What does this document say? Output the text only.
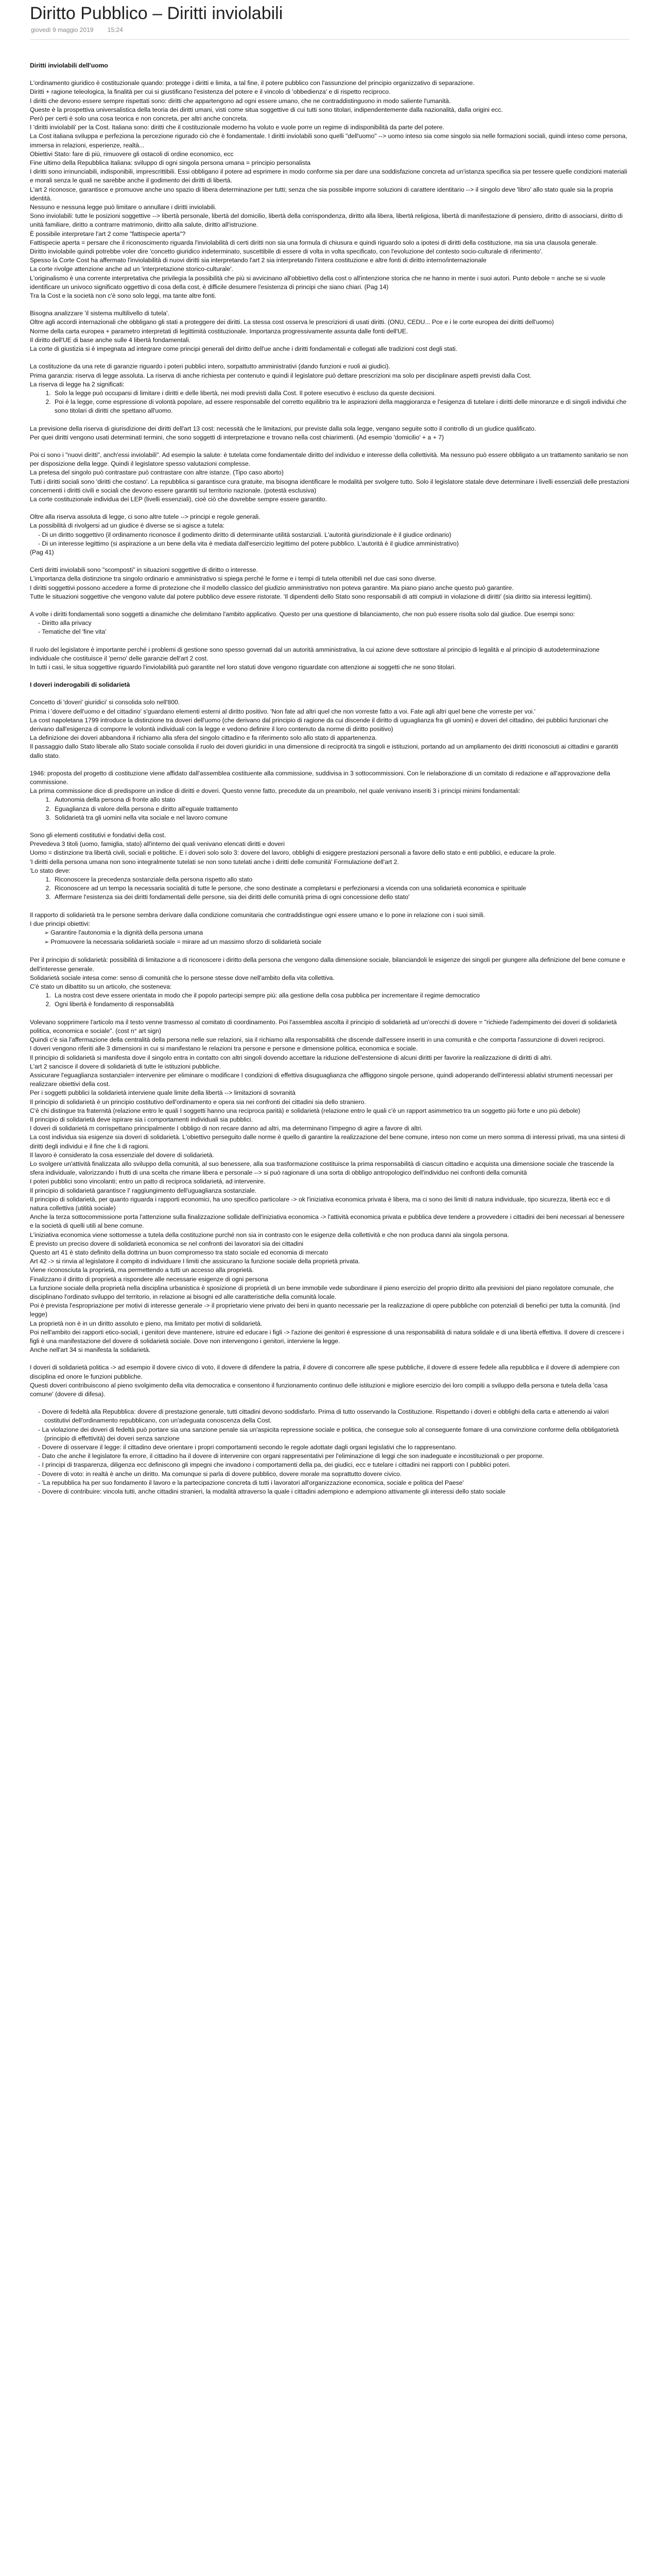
Diritto Pubblico – Diritti inviolabili
giovedì 9 maggio 2019 15:24
Diritti inviolabili dell'uomo

L'ordinamento giuridico è costituzionale quando: protegge i diritti e limita, a tal fine, il potere pubblico con l'assunzione del principio organizzativo di separazione.

Diritti + ragione teleologica, la finalità per cui si giustificano l'esistenza del potere e il vincolo di 'obbedienza' e di rispetto reciproco.

I diritti che devono essere sempre rispettati sono: diritti che appartengono ad ogni essere umano, che ne contraddistinguono in modo saliente l'umanità.

Queste è la prospettiva universalistica della teoria dei diritti umani, visti come situa soggettive di cui tutti sono titolari, indipendentemente dalla nazionalità, dalla origini ecc.

Però per certi è solo una cosa teorica e non concreta, per altri anche concreta.

I 'diritti inviolabili' per la Cost. Italiana sono: diritti che il costituzionale moderno ha voluto e vuole porre un regime di indisponibilità da parte del potere.

La Cost italiana sviluppa e perfeziona la percezione rigurado ciò che è fondamentale. I diritti inviolabili sono quelli "dell'uomo" --> uomo inteso sia come singolo sia nelle formazioni sociali, quindi inteso come persona, immersa in relazioni, esperienze, realtà...

Obiettivi Stato: fare di più, rimuovere gli ostacoli di ordine economico, ecc

Fine ultimo della Repubblica Italiana: sviluppo di ogni singola persona umana = principio personalista

I diritti sono irrinunciabili, indisponibili, imprescrittibili. Essi obbligano il potere ad esprimere in modo conforme sia per dare una soddisfazione concreta ad un'istanza specifica sia per tessere quelle condizioni materiali e morali senza le quali ne sarebbe anche il godimento dei diritti di libertà.

L'art 2 riconosce, garantisce e promuove anche uno spazio di libera determinazione per tutti; senza che sia possibile imporre soluzioni di carattere identitario --> il singolo deve 'libro' allo stato quale sia la propria identità.

Nessuno e nessuna legge può limitare o annullare i diritti inviolabili.

Sono inviolabili: tutte le posizioni soggettive --> libertà personale, libertà del domicilio, libertà della corrispondenza, diritto alla libera, libertà religiosa, libertà di manifestazione di pensiero, diritto di associarsi, diritto di unità familiare, diritto a contrarre matrimonio, diritto alla salute, diritto all'istruzione.

È possibile interpretare l'art 2 come "fattispecie aperta"?

Fattispecie aperta = persare che il riconoscimento riguarda l'inviolabilità di certi diritti non sia una formula di chiusura e quindi riguardo solo a ipotesi di diritti della costituzione, ma sia una clausola generale.

Diritto inviolabile quindi potrebbe voler dire 'concetto giuridico indeterminato, suscettibile di essere di volta in volta specificato, con l'evoluzione del contesto socio-culturale di riferimento'.

Spesso la Corte Cost ha affermato l'inviolabilità di nuovi diritti sia interpretando l'art 2 sia interpretando l'intera costituzione e altre fonti di diritto interno/internazionale

La corte rivolge attenzione anche ad un 'interpretazione storico-culturale'.

L'originalismo è una corrente interpretativa che privilegia la possibilità che più si avvicinano all'obbiettivo della cost o all'intenzione storica che ne hanno in mente i suoi autori. Punto debole = anche se si vuole identificare un univoco significato oggettivo di cosa della cost, è difficile desumere l'esistenza di principi che siano chiari. (Pag 14)

Tra la Cost e la società non c'è sono solo leggi, ma tante altre fonti.

Bisogna analizzare 'il sistema multilivello di tutela'.

Oltre agli accordi internazionali che obbligano gli stati a proteggere dei diritti. La stessa cost osserva le prescrizioni di usati diritti. (ONU, CEDU... Pce e i le corte europea dei diritti dell'uomo)

Norme della carta europea + parametro interpretati di legittimità costituzionale. Importanza progressivamente assunta dalle fonti dell'UE.

Il diritto dell'UE di base anche sulle 4 libertà fondamentali.

La corte di giustizia si è impegnata ad integrare come principi generali del diritto dell'ue anche i diritti fondamentali e collegati alle tradizioni cost degli stati.

La costituzione da una rete di garanzie riguardo i poteri pubblici intero, sorpattutto amministrativi (dando funzioni e ruoli ai giudici).

Prima garanzia: riserva di legge assoluta. La riserva di anche richiesta per contenuto e quindi il legislatore può dettare prescrizioni ma solo per disciplinare aspetti previsti dalla Cost.

La riserva di legge ha 2 significati:

1. Solo la legge può occuparsi di limitare i diritti e delle libertà, nei modi previsti dalla Cost. Il potere esecutivo è escluso da queste decisioni.
2. Poi è la legge, come espressione di volontà popolare, ad essere responsabile del corretto equilibrio tra le aspirazioni della maggioranza e l'esigenza di tutelare i diritti delle minoranze e di singoli individui che sono titolari di diritti che spettano all'uomo.

La previsione della riserva di giurisdizione dei diritti dell'art 13 cost: necessità che le limitazioni, pur previste dalla sola legge, vengano seguite sotto il controllo di un giudice qualificato.

Per quei diritti vengono usati determinati termini, che sono soggetti di interpretazione e trovano nella cost chiarimenti. (Ad esempio 'domicilio' + a + 7)

Poi ci sono i "nuovi diritti", anch'essi inviolabili". Ad esempio la salute: è tutelata come fondamentale diritto del individuo e interesse della collettività. Ma nessuno può essere obbligato a un trattamento sanitario se non per disposizione della legge. Quindi il legislatore spesso valutazioni complesse.

La pretesa del singolo può contrastare può contrastare con altre istanze. (Tipo caso aborto)

Tutti i diritti sociali sono 'diritti che costano'. La repubblica si garantisce cura gratuite, ma bisogna identificare le modalità per svolgere tutto. Solo il legislatore statale deve determinare i livelli essenziali delle prestazioni concernenti i diritti civili e sociali che devono essere garantiti sul territorio nazionale. (potestà esclusiva)

La corte costituzionale individua dei LEP (livelli essenziali), cioè ciò che dovrebbe sempre essere garantito.

Oltre alla riserva assoluta di legge, ci sono altre tutele --> principi e regole generali.

La possibilità di rivolgersi ad un giudice è diverse se si agisce a tutela:

- Di un diritto soggettivo (il ordinamento riconosce il godimento diritto di determinante utilità sostanziali. L'autorità giurisdizionale è il giudice ordinario)
- Di un interesse legittimo (si aspirazione a un bene della vita è mediata dall'esercizio legittimo del potere pubblico. L'autorità è il giudice amministrativo)
(Pag 41)

Certi diritti inviolabili sono "scomposti" in situazioni soggettive di diritto o interesse.

L'importanza della distinzione tra singolo ordinario e amministrativo si spiega perché le forme e i tempi di tutela ottenibili nel due casi sono diverse.

I diritti soggettivi possono accedere a forme di protezione che il modello classico del giudizio amministrativo non poteva garantire. Ma piano piano anche questo può garantire.

Tutte le situazioni soggettive che vengono valute dal potere pubblico deve essere ristorate. 'Il dipendenti dello Stato sono responsabili di atti compiuti in violazione di diritti' (sia diritto sia interessi legittimi).

A volte i diritti fondamentali sono soggetti a dinamiche che delimitano l'ambito applicativo. Questo per una questione di bilanciamento, che non può essere risolta solo dal giudice. Due esempi sono:

- Diritto alla privacy
- Tematiche del 'fine vita'

Il ruolo del legislatore è importante perché i problemi di gestione sono spesso governati dal un autorità amministrativa, la cui azione deve sottostare al principio di legalità e al principio di autodeterminazione individuale che costituisce il 'perno' delle garanzie dell'art 2 cost.

In tutti i casi, le situa soggettive riguardo l'inviolabilità può garantite nel loro statuti dove vengono riguardate con attenzione ai soggetti che ne sono titolari.

I doveri inderogabili di solidarietà

Concetto di 'doveri' giuridici' si consolida solo nell'800.

Prima i 'dovere dell'uomo e del cittadino' s'guardano elementi esterni al diritto positivo. 'Non fate ad altri quel che non vorreste fatto a voi. Fate agli altri quel bene che vorreste per voi.'

La cost napoletana 1799 introduce la distinzione tra doveri dell'uomo (che derivano dal principio di ragione da cui discende il diritto di uguaglianza fra gli uomini) e doveri del cittadino, dei pubblici funzionari che derivano dall'esigenza di comporre le volontà individuali con la legge e vedono definire il loro contenuto da norme di diritto positivo)

La definizione dei doveri abbandona il richiamo alla sfera del singolo cittadino e fa riferimento solo allo stato di appartenenza.

Il passaggio dallo Stato liberale allo Stato sociale consolida il ruolo dei doveri giuridici in una dimensione di reciprocità tra singoli e istituzioni, portando ad un ampliamento dei diritti riconosciuti ai cittadini e garantiti dallo stato.

1946: proposta del progetto di costituzione viene affidato dall'assemblea costituente alla commissione, suddivisa in 3 sottocommissioni. Con le rielaborazione di un comitato di redazione e all'approvazione della commissione.

La prima commissione dice di predisporre un indice di diritti e doveri. Questo venne fatto, precedute da un preambolo, nel quale venivano inseriti 3 i principi minimi fondamentali:

1. Autonomia della persona di fronte allo stato
2. Eguaglianza di valore della persona e diritto all'eguale trattamento
3. Solidarietà tra gli uomini nella vita sociale e nel lavoro comune

Sono gli elementi costitutivi e fondativi della cost.

Prevedeva 3 titoli (uomo, famiglia, stato) all'interno dei quali venivano elencati diritti e doveri

Uomo = distinzione tra libertà civili, sociali e politiche. E i doveri solo solo 3: dovere del lavoro, obblighi di esiggere prestazioni personali a favore dello stato e enti pubblici, e educare la prole.

'I diritti della persona umana non sono integralmente tutelati se non sono tutelati anche i diritti delle comunità' Formulazione dell'art 2.

'Lo stato deve:

1. Riconoscere la precedenza sostanziale della persona rispetto allo stato
2. Riconoscere ad un tempo la necessaria socialità di tutte le persone, che sono destinate a completarsi e perfezionarsi a vicenda con una solidarietà economica e spirituale
3. Affermare l'esistenza sia dei diritti fondamentali delle persone, sia dei diritti delle comunità prima di ogni concessione dello stato'

Il rapporto di solidarietà tra le persone sembra derivare dalla condizione comunitaria che contraddistingue ogni essere umano e lo pone in relazione con i suoi simili.

I due principi obiettivi:

➢ Garantire l'autonomia e la dignità della persona umana
➢ Promuovere la necessaria solidarietà sociale = mirare ad un massimo sforzo di solidarietà sociale

Per il principio di solidarietà: possibilità di limitazione a di riconoscere i diritto della persona che vengono dalla dimensione sociale, bilanciandoli le esigenze dei singoli per giungere alla definizione del bene comune e dell'interesse generale.

Solidarietà sociale intesa come: senso di comunità che lo persone stesse dove nell'ambito della vita collettiva.

C'è stato un dibattito su un articolo, che sosteneva:

1. La nostra cost deve essere orientata in modo che il popolo partecipi sempre più: alla gestione della cosa pubblica per incrementare il regime democratico
2. Ogni libertà è fondamento di responsabilità

Volevano sopprimere l'articolo ma il testo venne trasmesso al comitato di coordinamento. Poi l'assemblea ascolta il principio di solidarietà ad un'orecchi di dovere = "richiede l'adempimento dei doveri di solidarietà politica, economica e sociale". (cost n° art sign)

Quindi c'è sia l'affermazione della centralità della persona nelle sue relazioni, sia il richiamo alla responsabilità che discende dall'essere inseriti in una comunità e che comporta l'assunzione di doveri reciproci.

I doveri vengono riferiti alle 3 dimensioni in cui si manifestano le relazioni tra persone e persone e dimensione politica, economica e sociale.

Il principio di solidarietà si manifesta dove il singolo entra in contatto con altri singoli dovendo accettare la riduzione dell'estensione di alcuni diritti per favorire la realizzazione di diritti di altri.

L'art 2 sancisce il dovere di solidarietà di tutte le istituzioni pubbliche.

Assicurare l'eguaglianza sostanziale= intervenire per eliminare o modificare I condizioni di effettiva disuguaglianza che affliggono singole persone, quindi adoperando dell'interessi ablativi strumenti necessari per realizzare obiettivi della cost.

Per i soggetti pubblici la solidarietà interviene quale limite della libertà --> limitazioni di sovranità

Il principio di solidarietà è un principio costitutivo dell'ordinamento e opera sia nei confronti dei cittadini sia dello straniero.

C'è chi distingue tra fraternità (relazione entro le quali I soggetti hanno una reciproca parità) e solidarietà (relazione entro le quali c'è un rapport asimmetrico tra un soggetto più forte e uno più debole)

Il principio di solidarietà deve ispirare sia i comportamenti individuali sia pubblici.

I doveri di solidarietà m corrispettano principalmente I obbligo di non recare danno ad altri, ma determinano l'impegno di agire a favore di altri.

La cost individua sia esigenze sia doveri di solidarietà. L'obiettivo perseguito dalle norme è quello di garantire la realizzazione del bene comune, inteso non come un mero somma di interessi privati, ma una sintesi di diritti degli individui e il fine che li di ragioni.

Il lavoro è considerato la cosa essenziale del dovere di solidarietà.

Lo svolgere un'attività finalizzata allo sviluppo della comunità, al suo benessere, alla sua trasformazione costituisce la prima responsabilità di ciascun cittadino e acquista una dimensione sociale che trascende la sfera individuale, valorizzando i frutti di una scelta che rimane libera e personale --> si può ragionare di una sorta di obbligo antropologico dell'individuo nei confronti della comunità

I poteri pubblici sono vincolanti; entro un patto di reciproca solidarietà, ad intervenire.

Il principio di solidarietà garantisce l' raggiungimento dell'uguaglianza sostanziale.

Il principio di solidarietà, per quanto riguarda i rapporti economici, ha uno specifico particolare -> ok l'iniziativa economica privata è libera, ma ci sono dei limiti di natura individuale, tipo sicurezza, libertà ecc e di natura collettiva (utilità sociale)

Anche la terza sottocommissione porta l'attenzione sulla finalizzazione sollidale dell'iniziativa economica -> l'attività economica privata e pubblica deve tendere a provvedere i cittadini dei beni necessari al benessere e la società di quelli utili al bene comune.

L'iniziativa economica viene sottomesse a tutela della costituzione purché non sia in contrasto con le esigenze della collettività e che non produca danni ala singola persona.

È previsto un preciso dovere di solidarietà economica se nel confronti dei lavoratori sia dei cittadini

Questo art 41 è stato definito della dottrina un buon compromesso tra stato sociale ed economia di mercato

Art 42 -> si rinvia al legislatore il compito di individuare I limiti che assicurano la funzione sociale della proprietà privata.

Viene riconosciuta la proprietà, ma permettendo a tutti un accesso alla proprietà.

Finalizzano il diritto di proprietà a rispondere alle necessarie esigenze di ogni persona

La funzione sociale della proprietà nella disciplina urbanistica è sposizione di proprietà di un bene immobile vede subordinare il pieno esercizio del proprio diritto alla previsioni del piano regolatore comunale, che disciplinano l'ordinato sviluppo del territorio, in relazione ai bisogni ed alle caratteristiche della comunità locale.

Poi è prevista l'espropriazione per motivi di interesse generale -> il proprietario viene privato dei beni in quanto necessarie per la realizzazione di opere pubbliche con potenziali di benefici per tutta la comunità. (ind legge)

La proprietà non è in un diritto assoluto e pieno, ma limitato per motivi di solidarietà.

Poi nell'ambito dei rapporti etico-sociali, i genitori deve mantenere, istruire ed educare i figli -> l'azione dei genitori è espressione di una responsabilità di natura solidale e di una libertà effettiva. Il dovere di crescere i figli è una manifestazione del dovere di solidarietà sociale. Dove non intervengono i genitori, interviene la legge.

Anche nell'art 34 si manifesta la solidarietà.

I doveri di solidarietà politica -> ad esempio il dovere civico di voto, il dovere di difendere la patria, il dovere di concorrere alle spese pubbliche, il dovere di essere fedele alla repubblica e il dovere di adempiere con disciplina ed onore le funzioni pubbliche.

Questi doveri contribuiscono al pieno svolgimento della vita democratica e consentono il funzionamento continuo delle istituzioni e migliore esercizio dei loro compiti a sviluppo della persona e tutela della 'casa comune' (dovere di difesa).

- Dovere di fedeltà alla Repubblica: dovere di prestazione generale, tutti cittadini devono soddisfarlo. Prima di tutto osservando la Costituzione. Rispettando i doveri e obblighi della carta e attenendo ai valori costitutivi dell'ordinamento repubblicano, con un'adeguata conoscenza della Cost.
- La violazione dei doveri di fedeltà può portare sia una sanzione penale sia un'aspicita repressione sociale e politica, che consegue solo al conseguente fomare di una convinzione conforme della obbligatorietà (principio di effettività) dei doveri senza sanzione
- Dovere di osservare il legge: il cittadino deve orientare i propri comportamenti secondo le regole adottate dagli organi legislativi che lo rappresentano.
- Dato che anche il legislatore fa errore, il cittadino ha il dovere di intervenire con organi rappresentativi per l'eliminazione di leggi che son inadeguate e incostituzionali o per proporne.
- I principi di trasparenza, diligenza ecc definiscono gli impegni che invadono i comportamenti della pa, dei giudici, ecc e tutelare i cittadini nei rapporti con I pubblici poteri.
- Dovere di voto: in realtà è anche un diritto. Ma comunque si parla di dovere pubblico, dovere morale ma soprattutto dovere civico.
- 'La repubblica ha per suo fondamento il lavoro e la partecipazione concreta di tutti i lavoratori all'organizzazione economica, sociale e politica del Paese'
- Dovere di contribuire: vincola tutti, anche cittadini stranieri, la modalità attraverso la quale i cittadini adempiono e adempiono attivamente gli interessi dello stato sociale
